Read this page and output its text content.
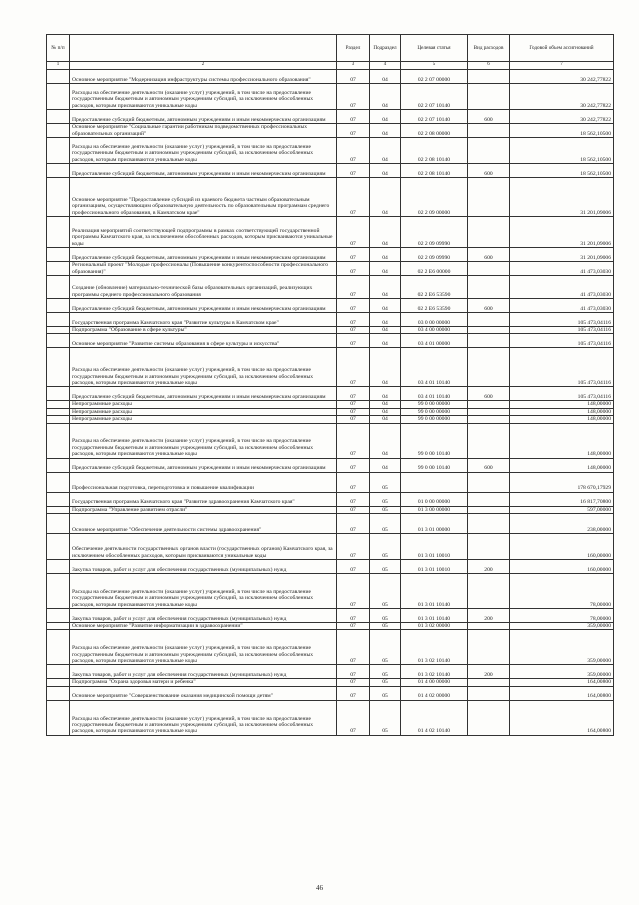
№ п/п		Раздел	Подраздел	Целевая статья	Вид расходов	Годовой объем ассигнований
1	2	3	4	5	6	7
	Основное мероприятие "Модернизация инфраструктуры системы профессионального образования"	07	04	02 2 07 00000		30 242,77822
	Расходы на обеспечение деятельности (оказание услуг) учреждений, в том числе на предоставление государственным бюджетным и автономным учреждениям субсидий, за исключением обособленных расходов, которым присваиваются уникальные коды	07	04	02 2 07 10140		30 242,77822
	Предоставление субсидий бюджетным, автономным учреждениям и иным некоммерческим организациям	07	04	02 2 07 10140	600	30 242,77822
	Основное мероприятие "Социальные гарантии работникам подведомственных профессиональных образовательных организаций"	07	04	02 2 08 00000		18 562,10500
	Расходы на обеспечение деятельности (оказание услуг) учреждений, в том числе на предоставление государственным бюджетным и автономным учреждениям субсидий, за исключением обособленных расходов, которым присваиваются уникальные коды	07	04	02 2 08 10140		18 562,10500
	Предоставление субсидий бюджетным, автономным учреждениям и иным некоммерческим организациям	07	04	02 2 08 10140	600	18 562,10500
	Основное мероприятие "Предоставление субсидий из краевого бюджета частным образовательным организациям, осуществляющим образовательную деятельность по образовательным программам среднего профессионального образования, в Камчатском крае"	07	04	02 2 09 00000		31 201,09006
	Реализация мероприятий соответствующей подпрограммы в рамках соответствующей государственной программы Камчатского края, за исключением обособленных расходов, которым присваиваются уникальные коды	07	04	02 2 09 09990		31 201,09006
	Предоставление субсидий бюджетным, автономным учреждениям и иным некоммерческим организациям	07	04	02 2 09 09990	600	31 201,09006
	Региональный проект "Молодые профессионалы (Повышение конкурентоспособности профессионального образования)"	07	04	02 2 E6 00000		41 473,03030
	Создание (обновление) материально-технической базы образовательных организаций, реализующих программы среднего профессионального образования	07	04	02 2 E6 53590		41 473,03030
	Предоставление субсидий бюджетным, автономным учреждениям и иным некоммерческим организациям	07	04	02 2 E6 53590	600	41 473,03030
	Государственная программа Камчатского края "Развитие культуры в Камчатском крае"	07	04	03 0 00 00000		105 473,04116
	Подпрограмма "Образование в сфере культуры"	07	04	03 4 00 00000		105 473,04116
	Основное мероприятие "Развитие системы образования в сфере культуры и искусства"	07	04	03 4 01 00000		105 473,04116
	Расходы на обеспечение деятельности (оказание услуг) учреждений, в том числе на предоставление государственным бюджетным и автономным учреждениям субсидий, за исключением обособленных расходов, которым присваиваются уникальные коды	07	04	03 4 01 10140		105 473,04116
	Предоставление субсидий бюджетным, автономным учреждениям и иным некоммерческим организациям	07	04	03 4 01 10140	600	105 473,04116
	Непрограммные расходы	07	04	99 0 00 00000		148,00000
	Непрограммные расходы	07	04	99 0 00 00000		148,00000
	Непрограммные расходы	07	04	99 0 00 00000		148,00000
	Расходы на обеспечение деятельности (оказание услуг) учреждений, в том числе на предоставление государственным бюджетным и автономным учреждениям субсидий, за исключением обособленных расходов, которым присваиваются уникальные коды	07	04	99 0 00 10140		148,00000
	Предоставление субсидий бюджетным, автономным учреждениям и иным некоммерческим организациям	07	04	99 0 00 10140	600	148,00000
	Профессиональная подготовка, переподготовка и повышение квалификации	07	05			178 670,17929
	Государственная программа Камчатского края "Развитие здравоохранения Камчатского края"	07	05	01 0 00 00000		16 817,70800
	Подпрограмма "Управление развитием отрасли"	07	05	01 3 00 00000		597,00000
	Основное мероприятие "Обеспечение деятельности системы здравоохранения"	07	05	01 3 01 00000		238,00000
	Обеспечение деятельности государственных органов власти (государственных органов) Камчатского края, за исключением обособленных расходов, которым присваиваются уникальные коды	07	05	01 3 01 10010		160,00000
	Закупка товаров, работ и услуг для обеспечения государственных (муниципальных) нужд	07	05	01 3 01 10010	200	160,00000
	Расходы на обеспечение деятельности (оказание услуг) учреждений, в том числе на предоставление государственным бюджетным и автономным учреждениям субсидий, за исключением обособленных расходов, которым присваиваются уникальные коды	07	05	01 3 01 10140		78,00000
	Закупка товаров, работ и услуг для обеспечения государственных (муниципальных) нужд	07	05	01 3 01 10140	200	78,00000
	Основное мероприятие "Развитие информатизации в здравоохранении"	07	05	01 3 02 00000		359,00000
	Расходы на обеспечение деятельности (оказание услуг) учреждений, в том числе на предоставление государственным бюджетным и автономным учреждениям субсидий, за исключением обособленных расходов, которым присваиваются уникальные коды	07	05	01 3 02 10140		359,00000
	Закупка товаров, работ и услуг для обеспечения государственных (муниципальных) нужд	07	05	01 3 02 10140	200	359,00000
	Подпрограмма "Охрана здоровья матери и ребенка"	07	05	01 4 00 00000		164,00800
	Основное мероприятие "Совершенствование оказания медицинской помощи детям"	07	05	01 4 02 00000		164,00800
	Расходы на обеспечение деятельности (оказание услуг) учреждений, в том числе на предоставление государственным бюджетным и автономным учреждениям субсидий, за исключением обособленных расходов, которым присваиваются уникальные коды	07	05	01 4 02 10140		164,00800
46
